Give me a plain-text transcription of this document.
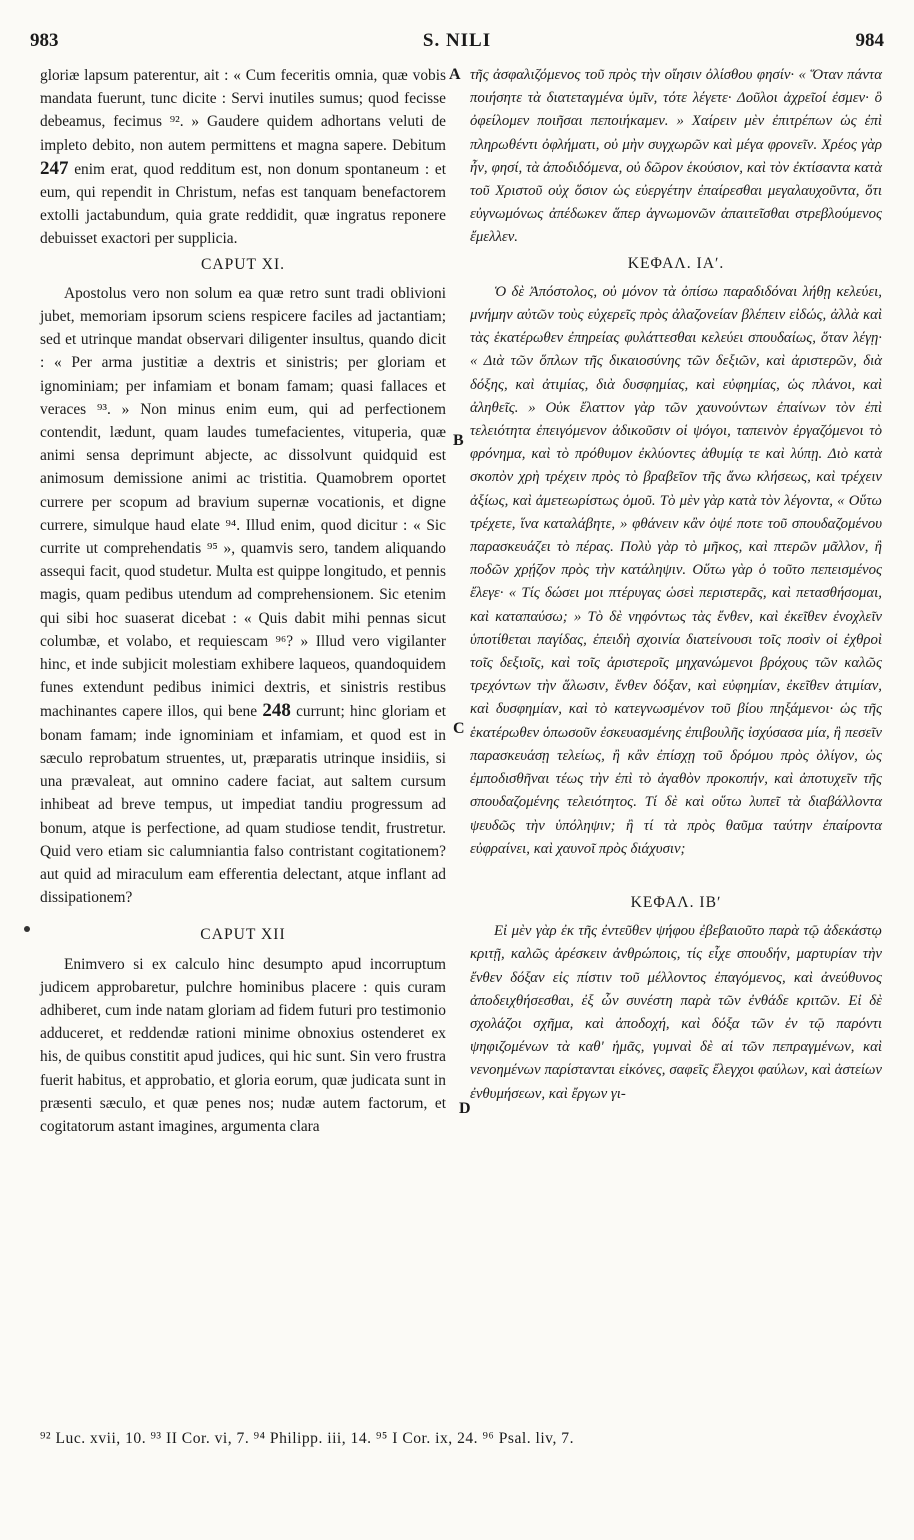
983	S. NILI	984

gloriæ lapsum paterentur, ait : « Cum feceritis omnia, quæ vobis mandata fuerunt, tunc dicite : Servi inutiles sumus; quod fecisse debeamus, fecimus ⁹². » Gaudere quidem adhortans veluti de impleto debito, non autem permittens et magna sapere. Debitum 247 enim erat, quod redditum est, non donum spontaneum : et eum, qui rependit in Christum, nefas est tanquam benefactorem extolli jactabundum, quia grate reddidit, quæ ingratus reponere debuisset exactori per supplicia.

CAPUT XI.

Apostolus vero non solum ea quæ retro sunt tradi oblivioni jubet, memoriam ipsorum sciens respicere faciles ad jactantiam; sed et utrinque mandat observari diligenter insultus, quando dicit : « Per arma justitiæ a dextris et sinistris; per gloriam et ignominiam; per infamiam et bonam famam; quasi fallaces et veraces ⁹³. » Non minus enim eum, qui ad perfectionem contendit, lædunt, quam laudes tumefacientes, vituperia, quæ animi sensa deprimunt abjecte, ac dissolvunt quidquid est animosum demissione animi ac tristitia. Quamobrem oportet currere per scopum ad bravium supernæ vocationis, et digne currere, simulque haud elate ⁹⁴. Illud enim, quod dicitur : « Sic currite ut comprehendatis ⁹⁵ », quamvis sero, tandem aliquando assequi facit, quod studetur. Multa est quippe longitudo, et pennis magis, quam pedibus utendum ad comprehensionem. Sic etenim qui sibi hoc suaserat dicebat : « Quis dabit mihi pennas sicut columbæ, et volabo, et requiescam ⁹⁶? » Illud vero vigilanter hinc, et inde subjicit molestiam exhibere laqueos, quandoquidem funes extendunt pedibus inimici dextris, et sinistris restibus machinantes capere illos, qui bene 248 currunt; hinc gloriam et bonam famam; inde ignominiam et infamiam, et quod est in sæculo reprobatum struentes, ut, præparatis utrinque insidiis, si una prævaleat, aut omnino cadere faciat, aut saltem cursum inhibeat ad breve tempus, ut impediat tandiu progressum ad bonum, atque is perfectione, ad quam studiose tendit, frustretur. Quid vero etiam sic calumniantia falso contristant cogitationem? aut quid ad miraculum eam efferentia delectant, atque inflant ad dissipationem?

CAPUT XII

Enimvero si ex calculo hinc desumpto apud incorruptum judicem approbaretur, pulchre hominibus placere : quis curam adhiberet, cum inde natam gloriam ad fidem futuri pro testimonio adduceret, et reddendæ rationi minime obnoxius ostenderet ex his, de quibus constitit apud judices, qui hic sunt. Sin vero frustra fuerit habitus, et approbatio, et gloria eorum, quæ judicata sunt in præsenti sæculo, et quæ penes nos; nudæ autem factorum, et cogitatorum astant imagines, argumenta clara

τῆς ἀσφαλιζόμενος τοῦ πρὸς τὴν οἴησιν ὀλίσθου φησίν· « Ὅταν πάντα ποιήσητε τὰ διατεταγμένα ὑμῖν, τότε λέγετε· Δοῦλοι ἀχρεῖοί ἐσμεν· ὃ ὀφείλομεν ποιῆσαι πεποιήκαμεν. » Χαίρειν μὲν ἐπιτρέπων ὡς ἐπὶ πληρωθέντι ὀφλήματι, οὐ μὴν συγχωρῶν καὶ μέγα φρονεῖν. Χρέος γὰρ ἦν, φησί, τὰ ἀποδιδόμενα, οὐ δῶρον ἑκούσιον, καὶ τὸν ἐκτίσαντα κατὰ τοῦ Χριστοῦ οὐχ ὅσιον ὡς εὐεργέτην ἐπαίρεσθαι μεγαλαυχοῦντα, ὅτι εὐγνωμόνως ἀπέδωκεν ἅπερ ἀγνωμονῶν ἀπαιτεῖσθαι στρεβλούμενος ἔμελλεν.

ΚΕΦΑΛ. ΙΑʹ.

Ὁ δὲ Ἀπόστολος, οὐ μόνον τὰ ὀπίσω παραδιδόναι λήθῃ κελεύει, μνήμην αὐτῶν τοὺς εὐχερεῖς πρὸς ἀλαζονείαν βλέπειν εἰδώς, ἀλλὰ καὶ τὰς ἑκατέρωθεν ἐπηρείας φυλάττεσθαι κελεύει σπουδαίως, ὅταν λέγῃ· « Διὰ τῶν ὅπλων τῆς δικαιοσύνης τῶν δεξιῶν, καὶ ἀριστερῶν, διὰ δόξης, καὶ ἀτιμίας, διὰ δυσφημίας, καὶ εὐφημίας, ὡς πλάνοι, καὶ ἀληθεῖς. » Οὐκ ἔλαττον γὰρ τῶν χαυνούντων ἐπαίνων τὸν ἐπὶ τελειότητα ἐπειγόμενον ἀδικοῦσιν οἱ ψόγοι, ταπεινὸν ἐργαζόμενοι τὸ φρόνημα, καὶ τὸ πρόθυμον ἐκλύοντες ἀθυμίᾳ τε καὶ λύπῃ. Διὸ κατὰ σκοπὸν χρὴ τρέχειν πρὸς τὸ βραβεῖον τῆς ἄνω κλήσεως, καὶ τρέχειν ἀξίως, καὶ ἀμετεωρίστως ὁμοῦ. Τὸ μὲν γὰρ κατὰ τὸν λέγοντα, « Οὕτω τρέχετε, ἵνα καταλάβητε, » φθάνειν κἂν ὀψέ ποτε τοῦ σπουδαζομένου παρασκευάζει τὸ πέρας. Πολὺ γὰρ τὸ μῆκος, καὶ πτερῶν μᾶλλον, ἢ ποδῶν χρῄζον πρὸς τὴν κατάληψιν. Οὕτω γὰρ ὁ τοῦτο πεπεισμένος ἔλεγε· « Τίς δώσει μοι πτέρυγας ὡσεὶ περιστερᾶς, καὶ πετασθήσομαι, καὶ καταπαύσω; » Τὸ δὲ νηφόντως τὰς ἔνθεν, καὶ ἐκεῖθεν ἐνοχλεῖν ὑποτίθεται παγίδας, ἐπειδὴ σχοινία διατείνουσι τοῖς ποσὶν οἱ ἐχθροὶ τοῖς δεξιοῖς, καὶ τοῖς ἀριστεροῖς μηχανώμενοι βρόχους τῶν καλῶς τρεχόντων τὴν ἅλωσιν, ἔνθεν δόξαν, καὶ εὐφημίαν, ἐκεῖθεν ἀτιμίαν, καὶ δυσφημίαν, καὶ τὸ κατεγνωσμένον τοῦ βίου πηξάμενοι· ὡς τῆς ἑκατέρωθεν ὁπωσοῦν ἐσκευασμένης ἐπιβουλῆς ἰσχύσασα μία, ἢ πεσεῖν παρασκευάσῃ τελείως, ἢ κἂν ἐπίσχῃ τοῦ δρόμου πρὸς ὀλίγον, ὡς ἐμποδισθῆναι τέως τὴν ἐπὶ τὸ ἀγαθὸν προκοπήν, καὶ ἀποτυχεῖν τῆς σπουδαζομένης τελειότητος. Τί δὲ καὶ οὕτω λυπεῖ τὰ διαβάλλοντα ψευδῶς τὴν ὑπόληψιν; ἢ τί τὰ πρὸς θαῦμα ταύτην ἐπαίροντα εὐφραίνει, καὶ χαυνοῖ πρὸς διάχυσιν;

ΚΕΦΑΛ. ΙΒʹ

Εἰ μὲν γὰρ ἐκ τῆς ἐντεῦθεν ψήφου ἐβεβαιοῦτο παρὰ τῷ ἀδεκάστῳ κριτῇ, καλῶς ἀρέσκειν ἀνθρώποις, τίς εἶχε σπουδήν, μαρτυρίαν τὴν ἔνθεν δόξαν εἰς πίστιν τοῦ μέλλοντος ἐπαγόμενος, καὶ ἀνεύθυνος ἀποδειχθήσεσθαι, ἐξ ὧν συνέστη παρὰ τῶν ἐνθάδε κριτῶν. Εἰ δὲ σχολάζοι σχῆμα, καὶ ἀποδοχή, καὶ δόξα τῶν ἐν τῷ παρόντι ψηφιζομένων τὰ καθ' ἡμᾶς, γυμναὶ δὲ αἱ τῶν πεπραγμένων, καὶ νενοημένων παρίστανται εἰκόνες, σαφεῖς ἔλεγχοι φαύλων, καὶ ἀστείων ἐνθυμήσεων, καὶ ἔργων γι-

A
B
C
D
⁹² Luc. xvii, 10. ⁹³ II Cor. vi, 7. ⁹⁴ Philipp. iii, 14. ⁹⁵ I Cor. ix, 24. ⁹⁶ Psal. liv, 7.
